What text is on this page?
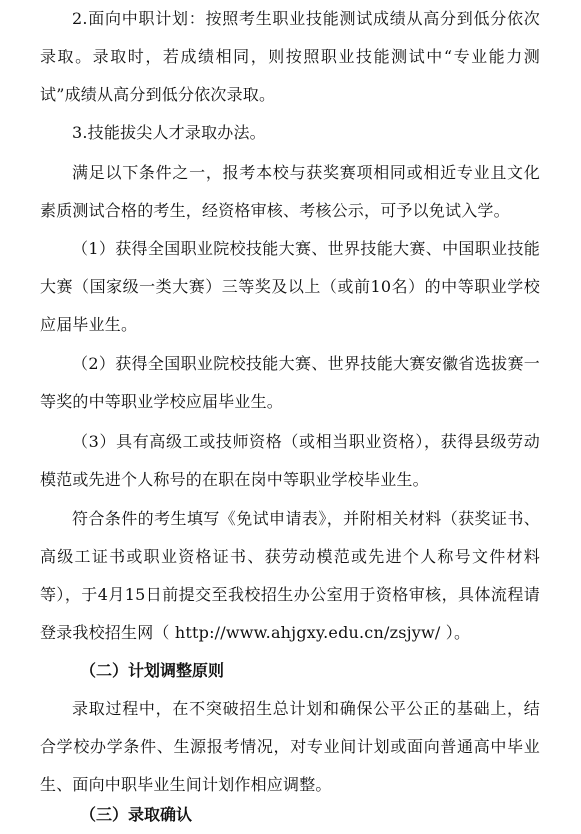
2.面向中职计划：按照考生职业技能测试成绩从高分到低分依次录取。录取时，若成绩相同，则按照职业技能测试中“专业能力测试”成绩从高分到低分依次录取。
3.技能拔尖人才录取办法。
满足以下条件之一，报考本校与获奖赛项相同或相近专业且文化素质测试合格的考生，经资格审核、考核公示，可予以免试入学。
（1）获得全国职业院校技能大赛、世界技能大赛、中国职业技能大赛（国家级一类大赛）三等奖及以上（或前10名）的中等职业学校应届毕业生。
（2）获得全国职业院校技能大赛、世界技能大赛安徽省选拔赛一等奖的中等职业学校应届毕业生。
（3）具有高级工或技师资格（或相当职业资格），获得县级劳动模范或先进个人称号的在职在岗中等职业学校毕业生。
符合条件的考生填写《免试申请表》，并附相关材料（获奖证书、高级工证书或职业资格证书、获劳动模范或先进个人称号文件材料等），于4月15日前提交至我校招生办公室用于资格审核，具体流程请登录我校招生网（ http://www.ahjgxy.edu.cn/zsjyw/ ）。
（二）计划调整原则
录取过程中，在不突破招生总计划和确保公平公正的基础上，结合学校办学条件、生源报考情况，对专业间计划或面向普通高中毕业生、面向中职毕业生间计划作相应调整。
（三）录取确认
